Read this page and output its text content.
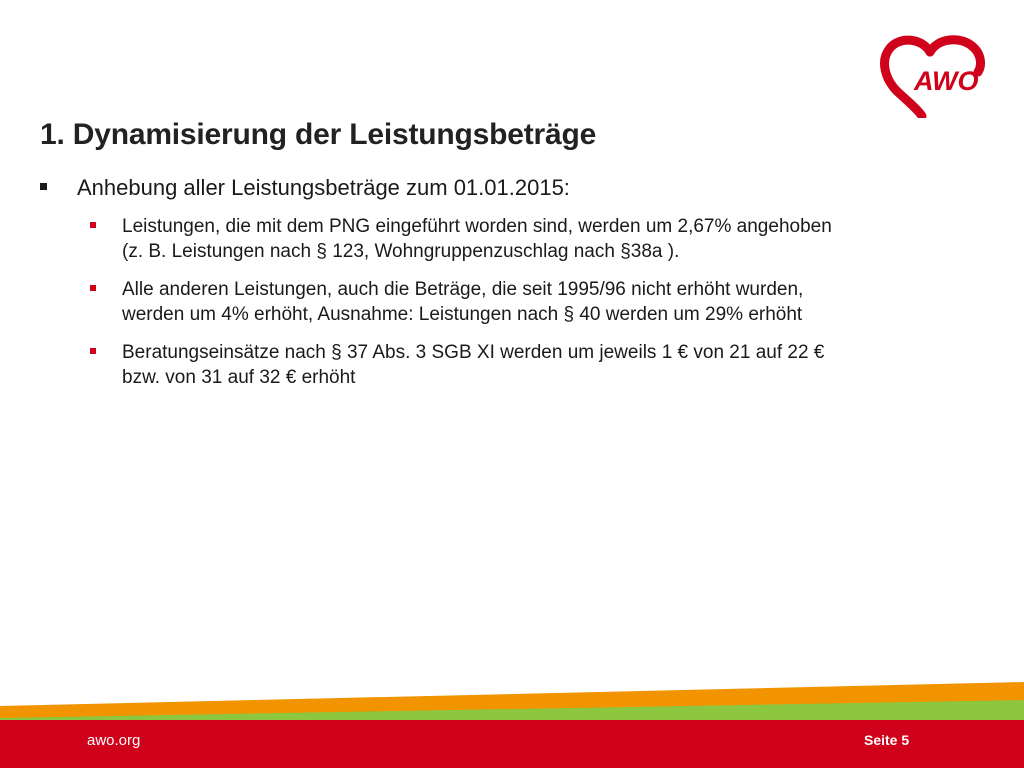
AWO
1. Dynamisierung der Leistungsbeträge
Anhebung aller Leistungsbeträge zum 01.01.2015:
Leistungen, die mit dem PNG eingeführt worden sind, werden um 2,67% angehoben
(z. B. Leistungen nach § 123, Wohngruppenzuschlag nach §38a ).
Alle anderen Leistungen, auch die Beträge, die seit 1995/96 nicht erhöht wurden,
werden um 4% erhöht, Ausnahme: Leistungen nach § 40 werden um 29% erhöht
Beratungseinsätze nach § 37 Abs. 3 SGB XI werden um jeweils 1 € von 21 auf 22 €
bzw. von 31 auf 32 € erhöht
awo.org	Seite 5
